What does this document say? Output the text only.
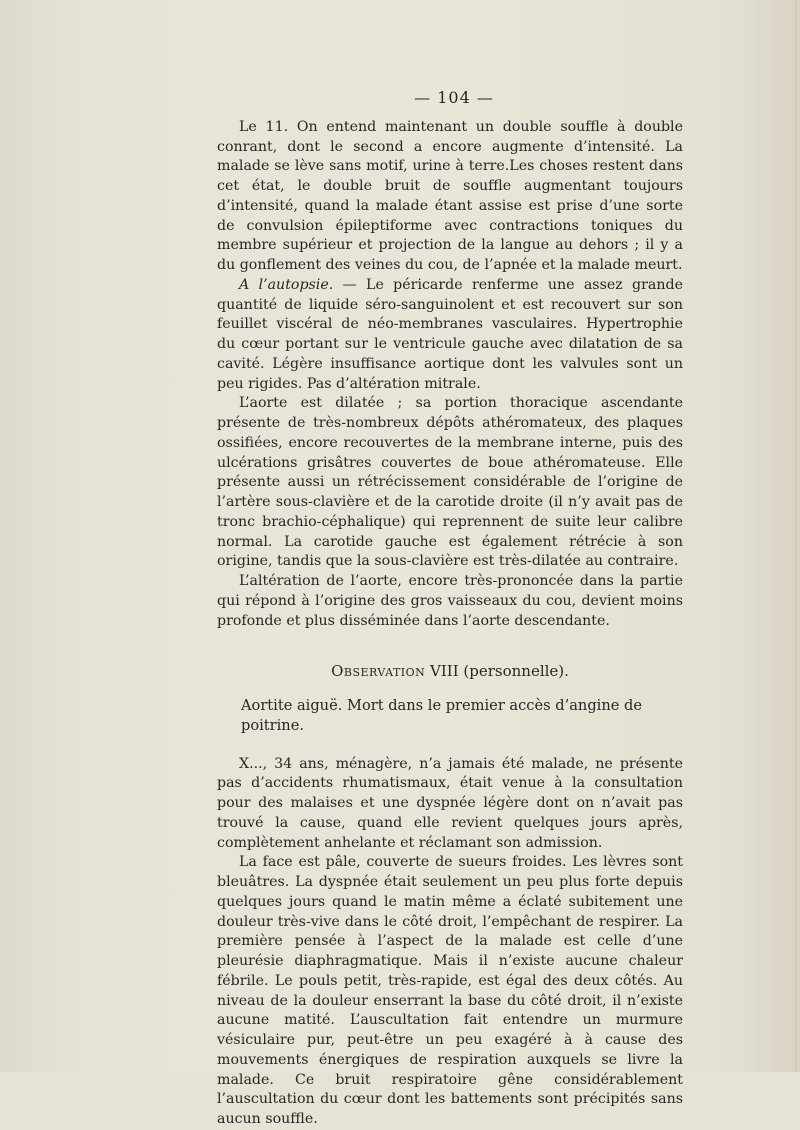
— 104 —

Le 11. On entend maintenant un double souffle à double conrant, dont le second a encore augmente d’intensité. La malade se lève sans motif, urine à terre.Les choses restent dans cet état, le double bruit de souffle augmentant toujours d’intensité, quand la malade étant assise est prise d’une sorte de convulsion épileptiforme avec contractions toniques du membre supérieur et projection de la langue au dehors ; il y a du gonflement des veines du cou, de l’apnée et la malade meurt.

A l’autopsie. — Le péricarde renferme une assez grande quantité de liquide séro-sanguinolent et est recouvert sur son feuillet viscéral de néo-membranes vasculaires. Hypertrophie du cœur portant sur le ventricule gauche avec dilatation de sa cavité. Légère insuffisance aortique dont les valvules sont un peu rigides. Pas d’altération mitrale.

L’aorte est dilatée ; sa portion thoracique ascendante présente de très-nombreux dépôts athéromateux, des plaques ossifiées, encore recouvertes de la membrane interne, puis des ulcérations grisâtres couvertes de boue athéromateuse. Elle présente aussi un rétrécissement considérable de l’origine de l’artère sous-clavière et de la carotide droite (il n’y avait pas de tronc brachio-céphalique) qui reprennent de suite leur calibre normal. La carotide gauche est également rétrécie à son origine, tandis que la sous-clavière est très-dilatée au contraire.

L’altération de l’aorte, encore très-prononcée dans la partie qui répond à l’origine des gros vaisseaux du cou, devient moins profonde et plus disséminée dans l’aorte descendante.

Observation VIII (personnelle).

Aortite aiguë. Mort dans le premier accès d’angine de poitrine.

X..., 34 ans, ménagère, n’a jamais été malade, ne présente pas d’accidents rhumatismaux, était venue à la consultation pour des malaises et une dyspnée légère dont on n’avait pas trouvé la cause, quand elle revient quelques jours après, complètement anhelante et réclamant son admission.

La face est pâle, couverte de sueurs froides. Les lèvres sont bleuâtres. La dyspnée était seulement un peu plus forte depuis quelques jours quand le matin même a éclaté subitement une douleur très-vive dans le côté droit, l’empêchant de respirer. La première pensée à l’aspect de la malade est celle d’une pleurésie diaphragmatique. Mais il n’existe aucune chaleur fébrile. Le pouls petit, très-rapide, est égal des deux côtés. Au niveau de la douleur enserrant la base du côté droit, il n’existe aucune matité. L’auscultation fait entendre un murmure vésiculaire pur, peut-être un peu exagéré à à cause des mouvements énergiques de respiration auxquels se livre la malade. Ce bruit respiratoire gêne considérablement l’auscultation du cœur dont les battements sont précipités sans aucun souffle.
